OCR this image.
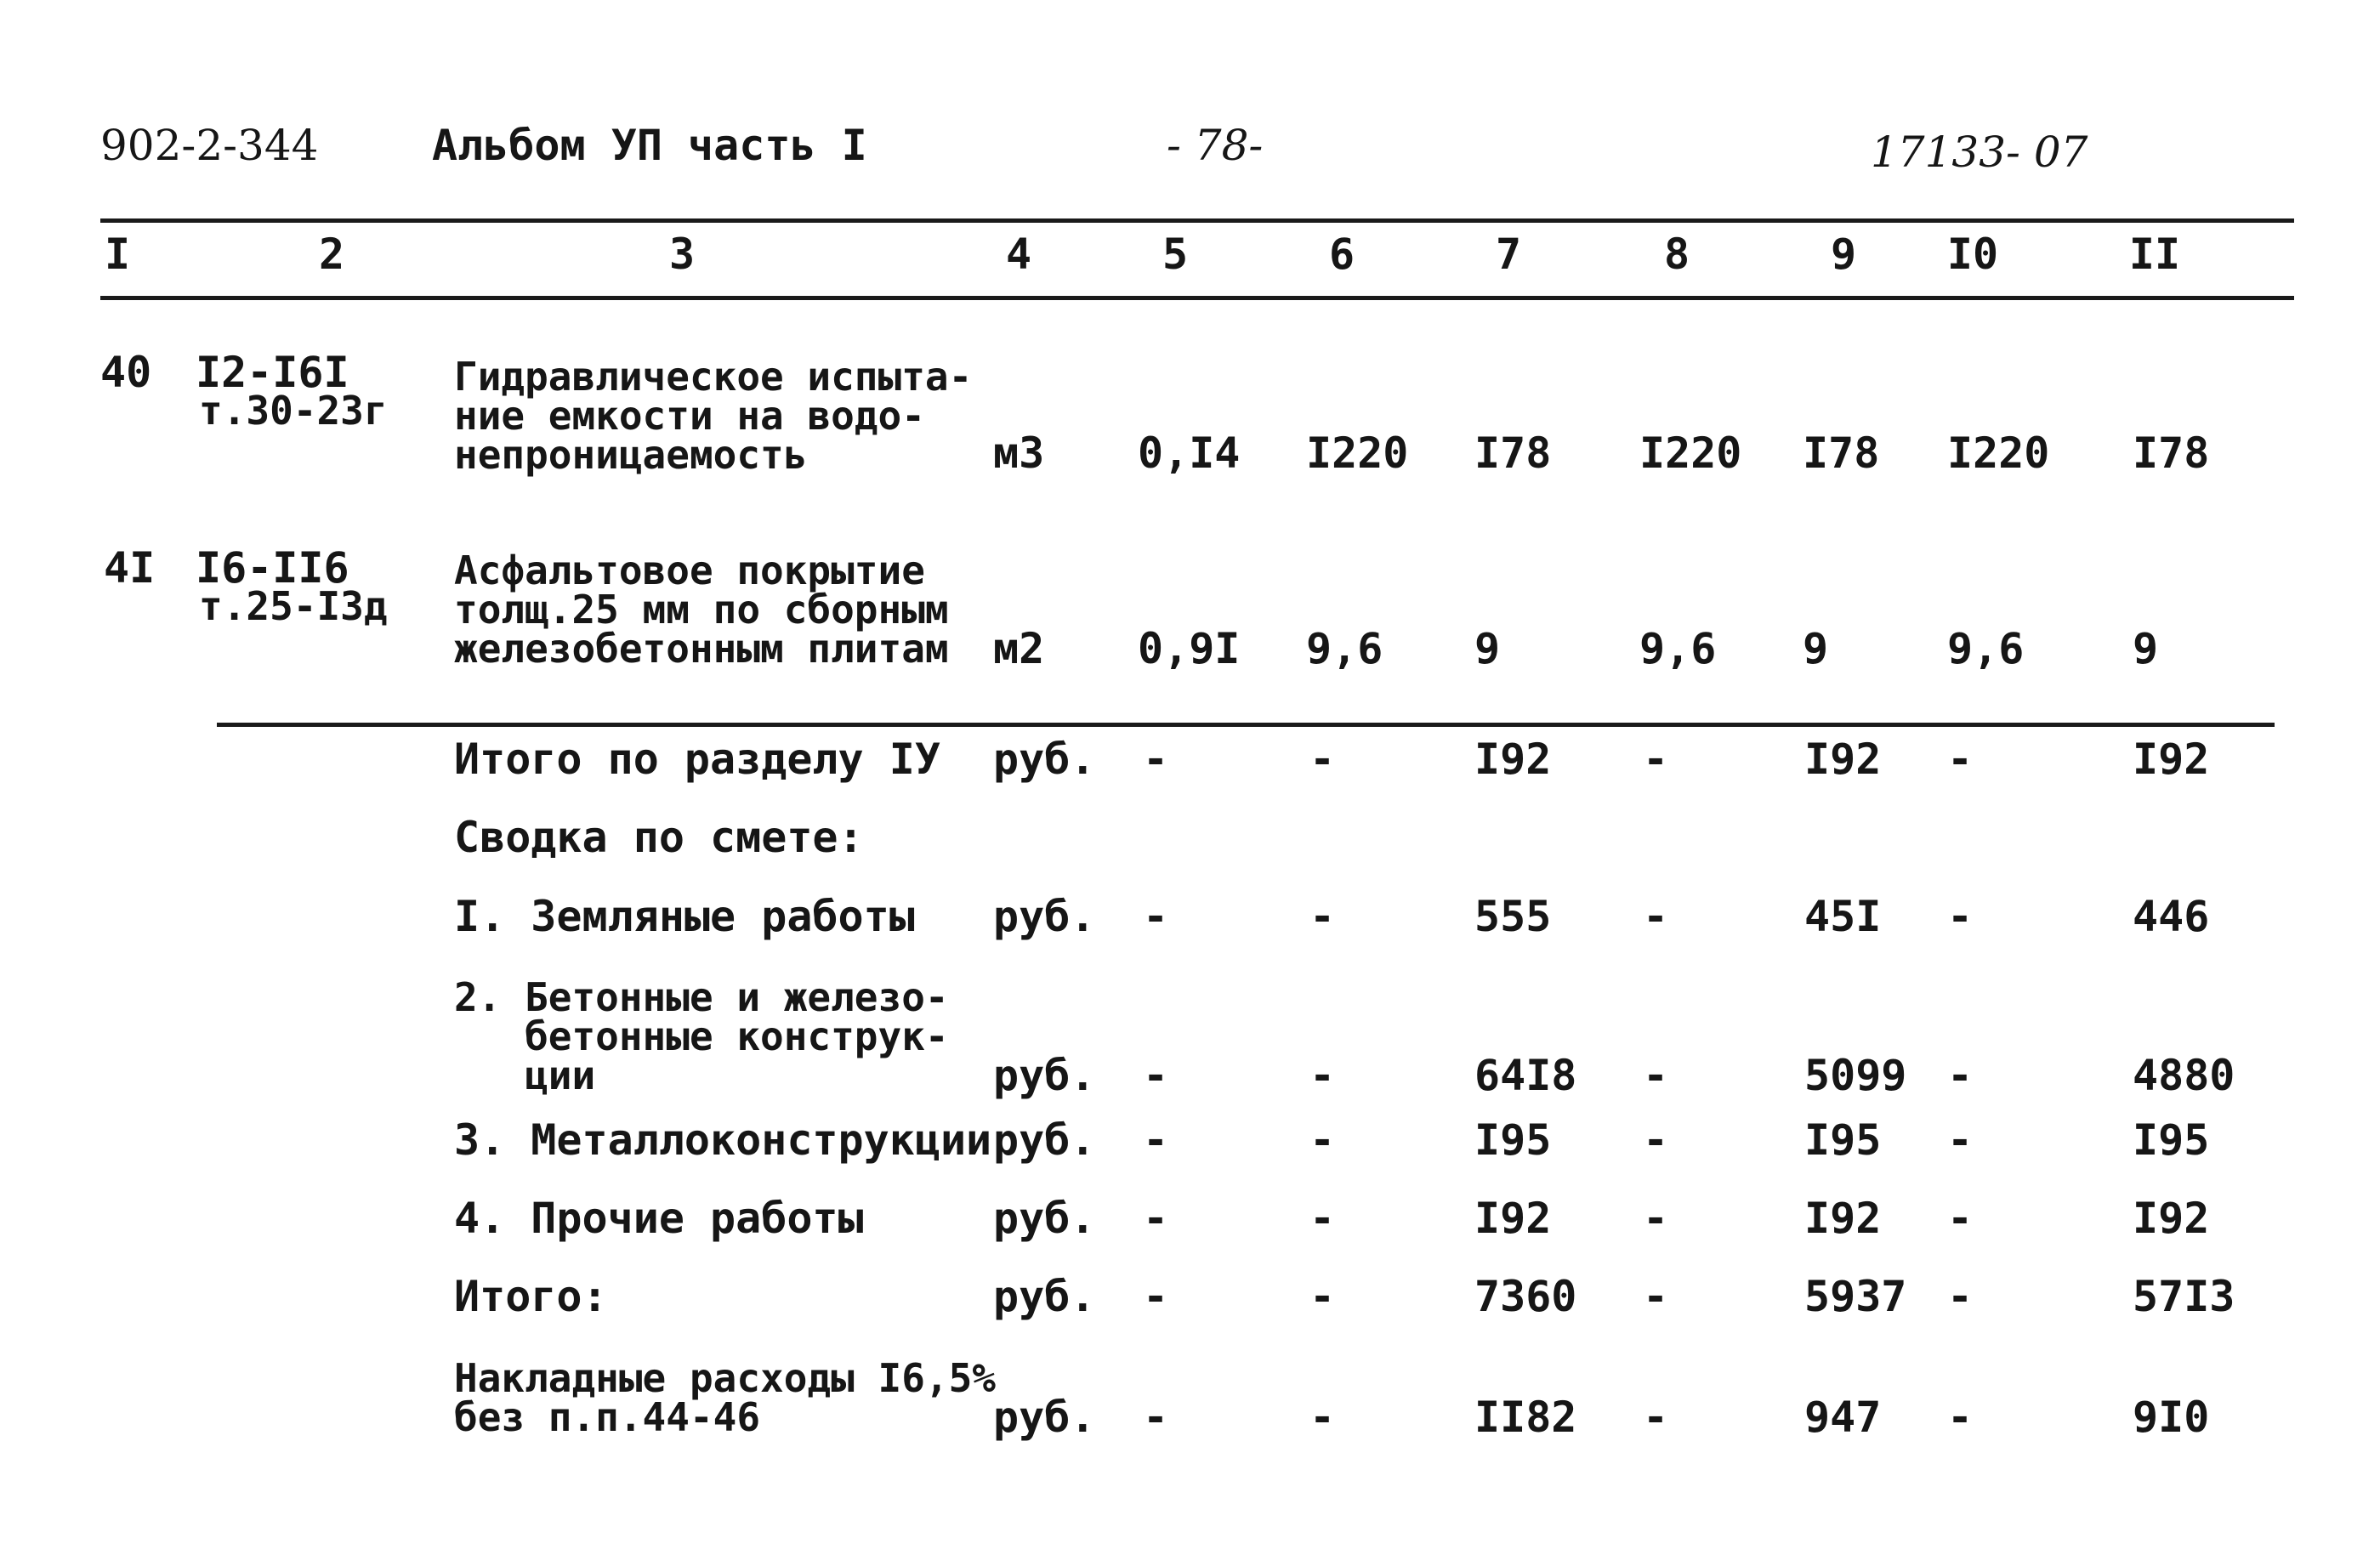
902-2-344	Альбом УП часть I	- 78-	17133- 07
I	2	3	4	5	6	7	8	9	I0	II
40 I2-I6I
т.30-23г
Гидравлическое испыта-
ние емкости на водо-
непроницаемость	м3 0,I4 I220 I78 I220 I78 I220 I78
4I I6-II6
т.25-I3д
Асфальтовое покрытие
толщ.25 мм по сборным
железобетонным плитам м2 0,9I 9,6 9	9,6 9	9,6	9
Итого по разделу IУ руб. -	-	I92 -	I92 -	I92
Сводка по смете:
I. Земляные работы руб. -	-	555 -	45I -	446
2. Бетонные и железо-
бетонные конструк-
ции	руб. -	-	64I8 -	5099 -	4880
3. Металлоконструкции руб. -	-	I95 -	I95 -	I95
4. Прочие работы	руб. -	-	I92 -	I92 -	I92
Итого:	руб. -	-	7360 -	5937 -	57I3
Накладные расходы I6,5%
без п.п.44-46	руб. -	-	II82 -	947 -	9I0
